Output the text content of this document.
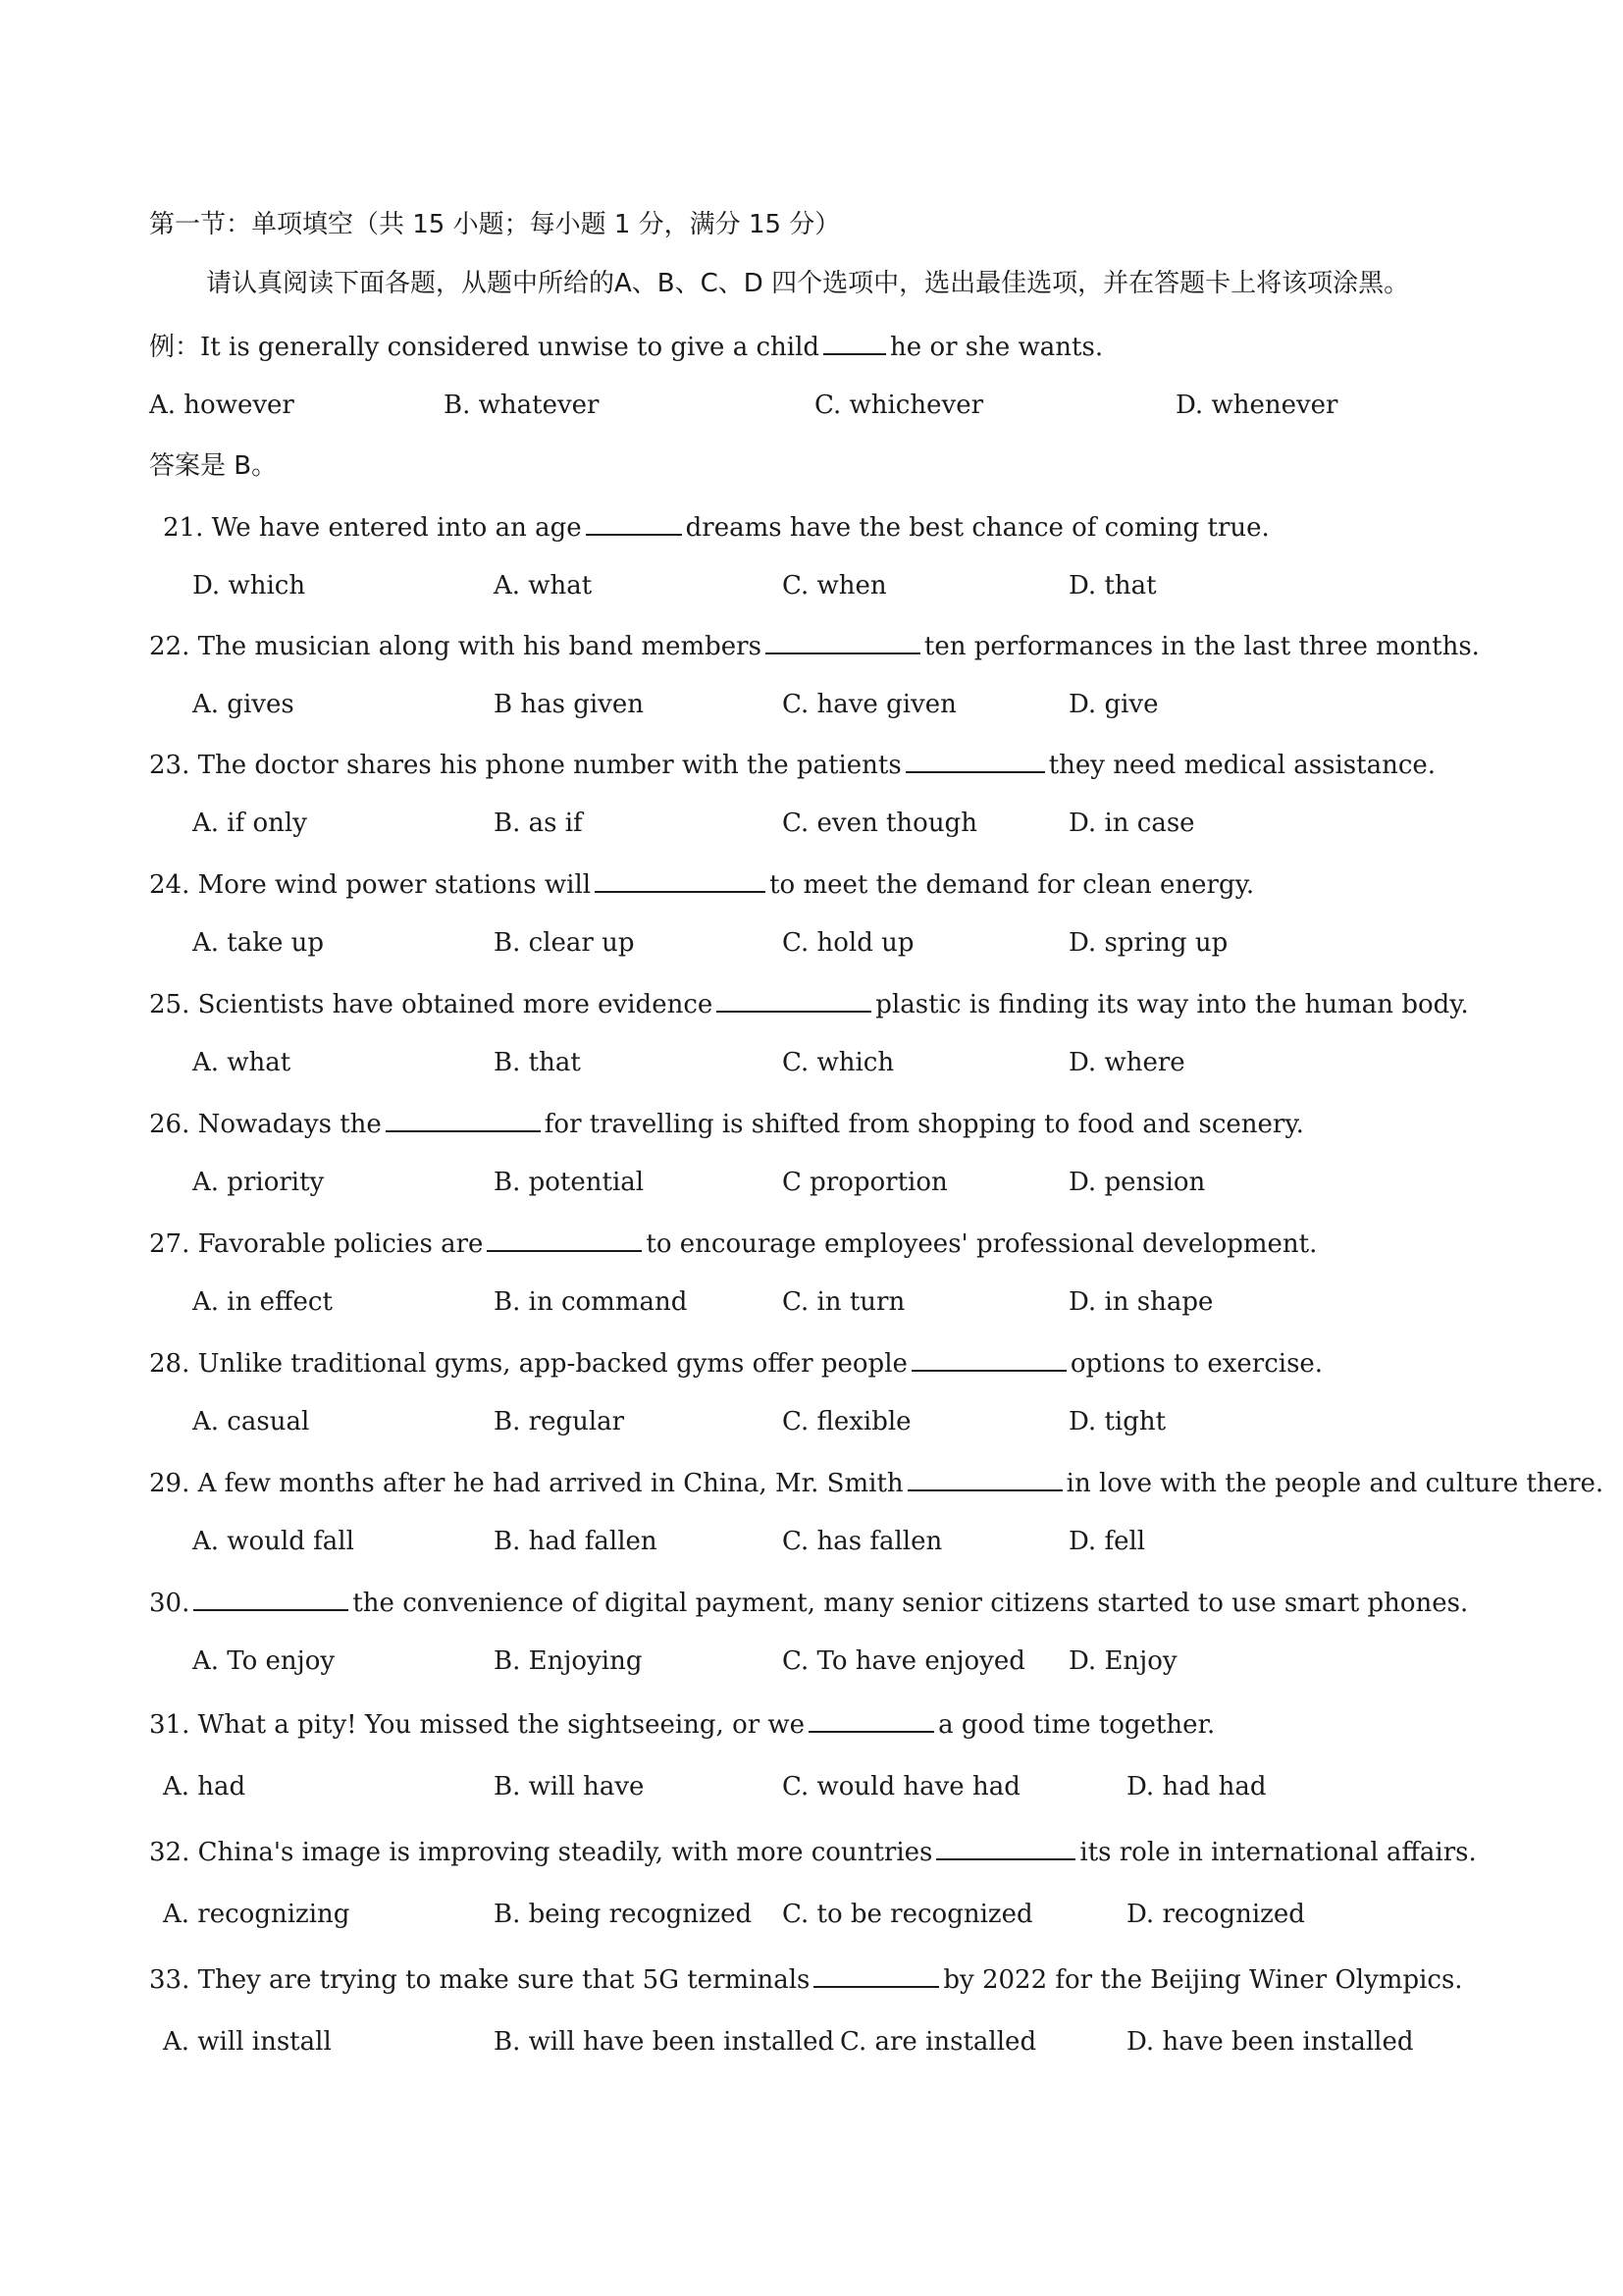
第一节：单项填空（共 15 小题；每小题 1 分，满分 15 分）
请认真阅读下面各题，从题中所给的A、B、C、D 四个选项中，选出最佳选项，并在答题卡上将该项涂黑。
例：It is generally considered unwise to give a child	he or she wants.
A. however	B. whatever	C. whichever	D. whenever
答案是 B。
21. We have entered into an age	dreams have the best chance of coming true.
D. which	A. what	C. when	D. that
22. The musician along with his band members	ten performances in the last three months.
A. gives	B has given	C. have given	D. give
23. The doctor shares his phone number with the patients	they need medical assistance.
A. if only	B. as if	C. even though	D. in case
24. More wind power stations will	to meet the demand for clean energy.
A. take up	B. clear up	C. hold up	D. spring up
25. Scientists have obtained more evidence	plastic is finding its way into the human body.
A. what	B. that	C. which	D. where
26. Nowadays the	for travelling is shifted from shopping to food and scenery.
A. priority	B. potential	C proportion	D. pension
27. Favorable policies are	to encourage employees' professional development.
A. in effect	B. in command	C. in turn	D. in shape
28. Unlike traditional gyms, app-backed gyms offer people	options to exercise.
A. casual	B. regular	C. flexible	D. tight
29. A few months after he had arrived in China, Mr. Smith	in love with the people and culture there.
A. would fall	B. had fallen	C. has fallen	D. fell
30.	the convenience of digital payment, many senior citizens started to use smart phones.
A. To enjoy	B. Enjoying	C. To have enjoyed D. Enjoy
31. What a pity! You missed the sightseeing, or we	a good time together.
A. had	B. will have	C. would have had	D. had had
32. China's image is improving steadily, with more countries	its role in international affairs.
A. recognizing	B. being recognized C. to be recognized	D. recognized
33. They are trying to make sure that 5G terminals	by 2022 for the Beijing Winer Olympics.
A. will install	B. will have been installed C. are installed	D. have been installed
